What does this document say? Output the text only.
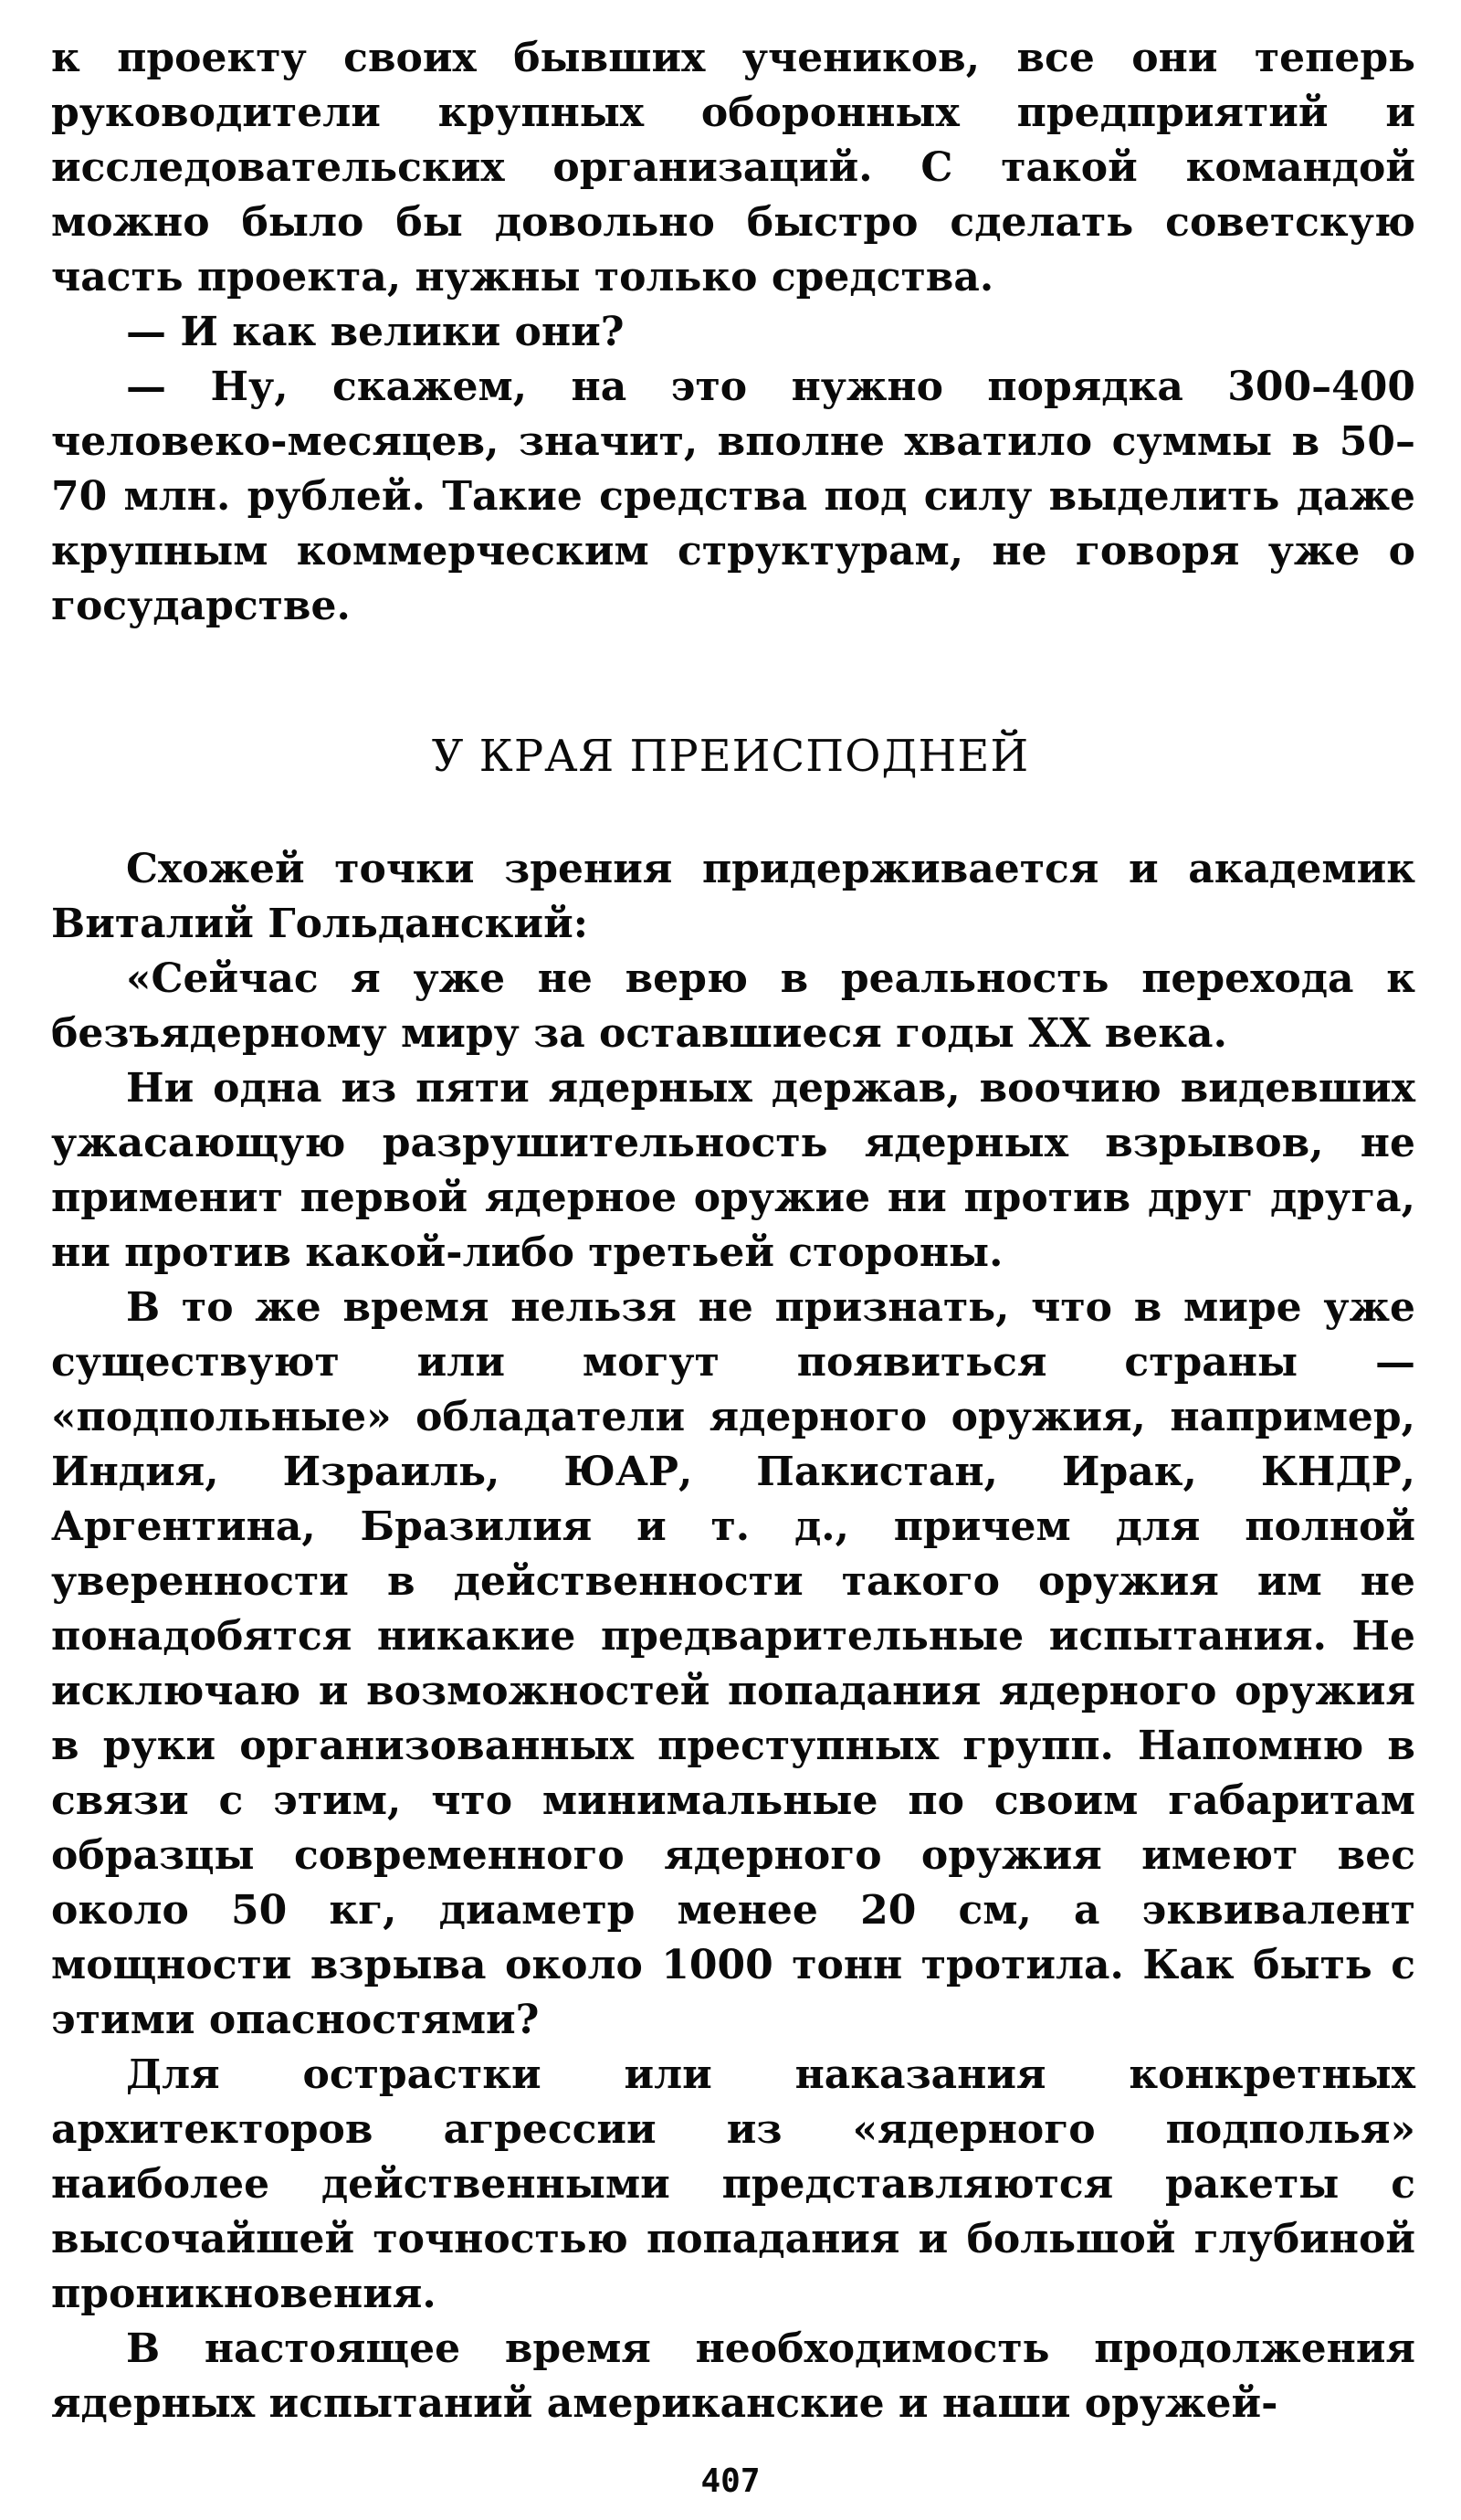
к проекту своих бывших учеников, все они теперь руководители крупных оборонных предприятий и исследовательских организаций. С такой командой можно было бы довольно быстро сделать советскую часть проекта, нужны только средства.

— И как велики они?

— Ну, скажем, на это нужно порядка 300–400 человеко-месяцев, значит, вполне хватило суммы в 50–70 млн. рублей. Такие средства под силу выделить даже крупным коммерческим структурам, не говоря уже о государстве.

У КРАЯ ПРЕИСПОДНЕЙ

Схожей точки зрения придерживается и академик Виталий Гольданский:

«Сейчас я уже не верю в реальность перехода к безъядерному миру за оставшиеся годы XX века.

Ни одна из пяти ядерных держав, воочию видевших ужасающую разрушительность ядерных взрывов, не применит первой ядерное оружие ни против друг друга, ни против какой-либо третьей стороны.

В то же время нельзя не признать, что в мире уже существуют или могут появиться страны — «подпольные» обладатели ядерного оружия, например, Индия, Израиль, ЮАР, Пакистан, Ирак, КНДР, Аргентина, Бразилия и т. д., причем для полной уверенности в действенности такого оружия им не понадобятся никакие предварительные испытания. Не исключаю и возможностей попадания ядерного оружия в руки организованных преступных групп. Напомню в связи с этим, что минимальные по своим габаритам образцы современного ядерного оружия имеют вес около 50 кг, диаметр менее 20 см, а эквивалент мощности взрыва около 1000 тонн тротила. Как быть с этими опасностями?

Для острастки или наказания конкретных архитекторов агрессии из «ядерного подполья» наиболее действенными представляются ракеты с высочайшей точностью попадания и большой глубиной проникновения.

В настоящее время необходимость продолжения ядерных испытаний американские и наши оружей-

407
